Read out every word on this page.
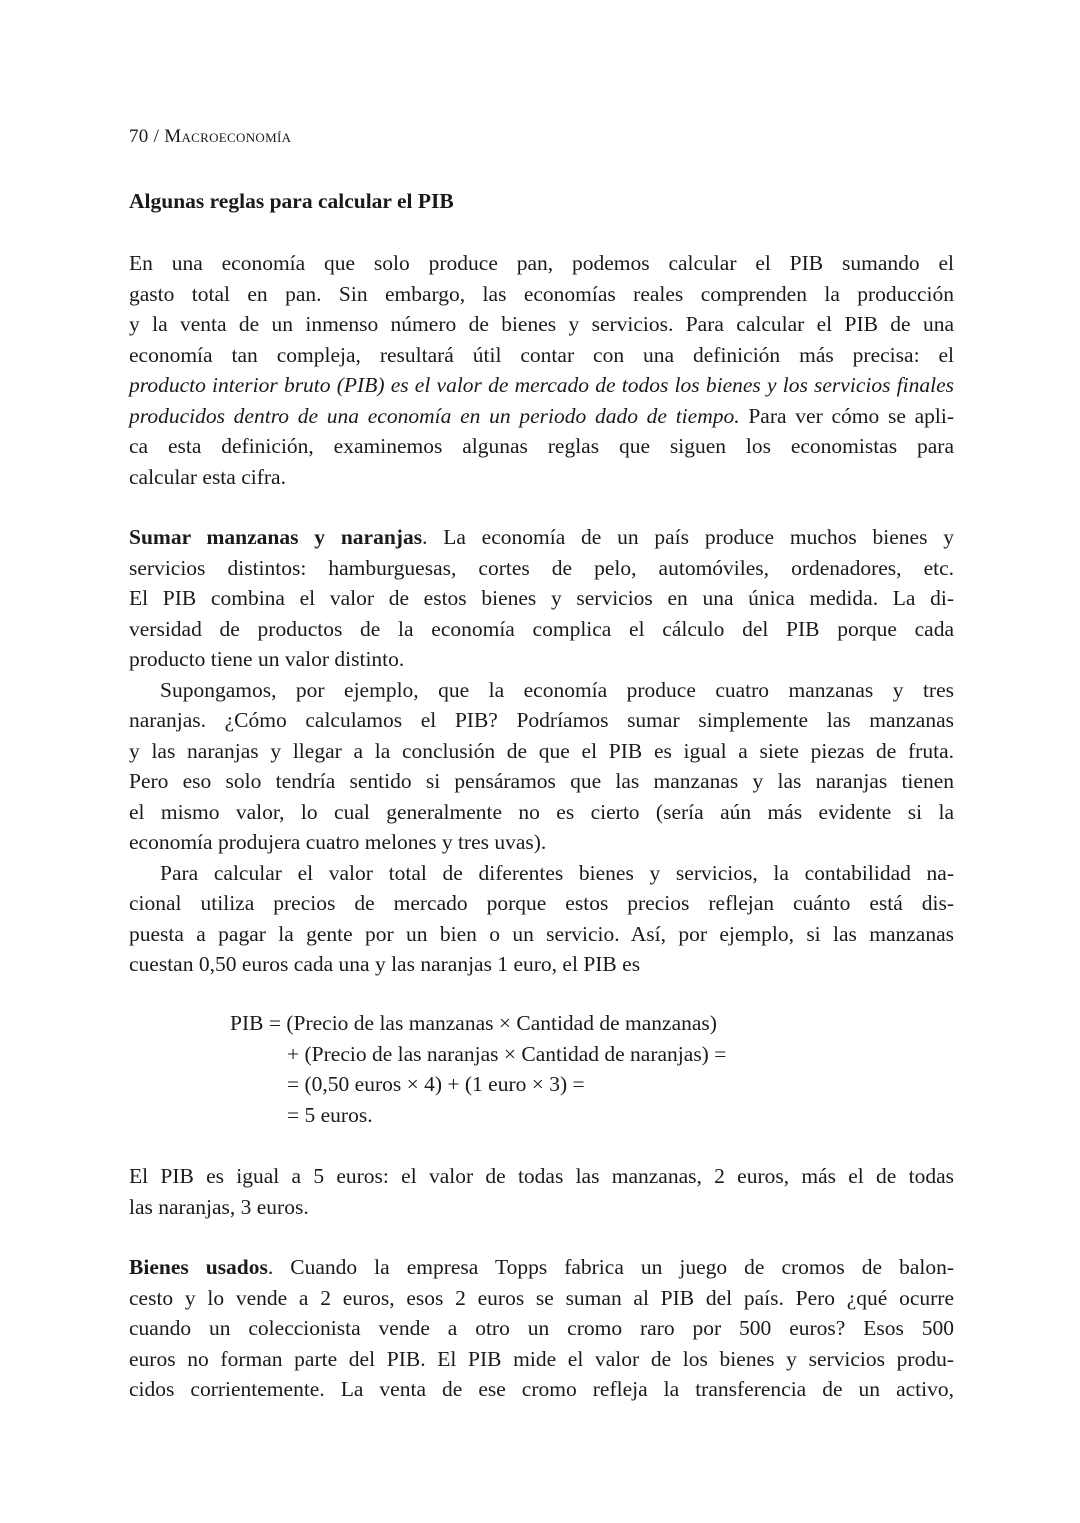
70 / Macroeconomía
Algunas reglas para calcular el PIB
En una economía que solo produce pan, podemos calcular el PIB sumando el
gasto total en pan. Sin embargo, las economías reales comprenden la producción
y la venta de un inmenso número de bienes y servicios. Para calcular el PIB de una
economía tan compleja, resultará útil contar con una definición más precisa: el
producto interior bruto (PIB) es el valor de mercado de todos los bienes y los servicios finales
producidos dentro de una economía en un periodo dado de tiempo. Para ver cómo se apli-
ca esta definición, examinemos algunas reglas que siguen los economistas para
calcular esta cifra.
Sumar manzanas y naranjas. La economía de un país produce muchos bienes y
servicios distintos: hamburguesas, cortes de pelo, automóviles, ordenadores, etc.
El PIB combina el valor de estos bienes y servicios en una única medida. La di-
versidad de productos de la economía complica el cálculo del PIB porque cada
producto tiene un valor distinto.
Supongamos, por ejemplo, que la economía produce cuatro manzanas y tres
naranjas. ¿Cómo calculamos el PIB? Podríamos sumar simplemente las manzanas
y las naranjas y llegar a la conclusión de que el PIB es igual a siete piezas de fruta.
Pero eso solo tendría sentido si pensáramos que las manzanas y las naranjas tienen
el mismo valor, lo cual generalmente no es cierto (sería aún más evidente si la
economía produjera cuatro melones y tres uvas).
Para calcular el valor total de diferentes bienes y servicios, la contabilidad na-
cional utiliza precios de mercado porque estos precios reflejan cuánto está dis-
puesta a pagar la gente por un bien o un servicio. Así, por ejemplo, si las manzanas
cuestan 0,50 euros cada una y las naranjas 1 euro, el PIB es
PIB = (Precio de las manzanas × Cantidad de manzanas)
+ (Precio de las naranjas × Cantidad de naranjas) =
= (0,50 euros × 4) + (1 euro × 3) =
= 5 euros.
El PIB es igual a 5 euros: el valor de todas las manzanas, 2 euros, más el de todas
las naranjas, 3 euros.
Bienes usados. Cuando la empresa Topps fabrica un juego de cromos de balon-
cesto y lo vende a 2 euros, esos 2 euros se suman al PIB del país. Pero ¿qué ocurre
cuando un coleccionista vende a otro un cromo raro por 500 euros? Esos 500
euros no forman parte del PIB. El PIB mide el valor de los bienes y servicios produ-
cidos corrientemente. La venta de ese cromo refleja la transferencia de un activo,
